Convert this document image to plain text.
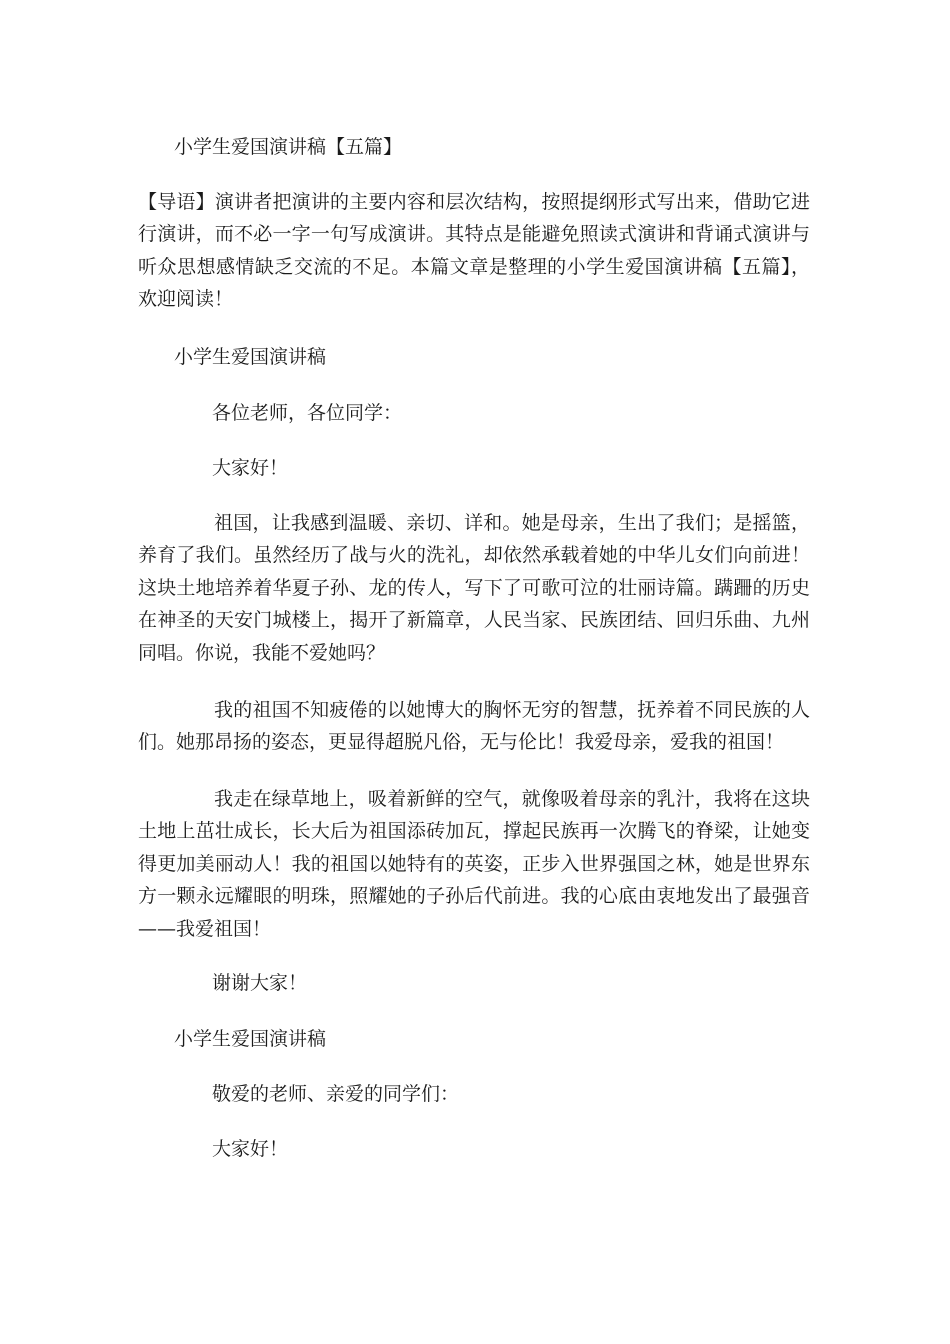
小学生爱国演讲稿【五篇】

【导语】演讲者把演讲的主要内容和层次结构，按照提纲形式写出来，借助它进行演讲，而不必一字一句写成演讲。其特点是能避免照读式演讲和背诵式演讲与听众思想感情缺乏交流的不足。本篇文章是整理的小学生爱国演讲稿【五篇】，欢迎阅读！

小学生爱国演讲稿

各位老师，各位同学：

大家好！

祖国，让我感到温暖、亲切、详和。她是母亲，生出了我们；是摇篮，养育了我们。虽然经历了战与火的洗礼，却依然承载着她的中华儿女们向前进！这块土地培养着华夏子孙、龙的传人，写下了可歌可泣的壮丽诗篇。蹒跚的历史在神圣的天安门城楼上，揭开了新篇章，人民当家、民族团结、回归乐曲、九州同唱。你说，我能不爱她吗？

我的祖国不知疲倦的以她博大的胸怀无穷的智慧，抚养着不同民族的人们。她那昂扬的姿态，更显得超脱凡俗，无与伦比！我爱母亲，爱我的祖国！

我走在绿草地上，吸着新鲜的空气，就像吸着母亲的乳汁，我将在这块土地上茁壮成长，长大后为祖国添砖加瓦，撑起民族再一次腾飞的脊梁，让她变得更加美丽动人！我的祖国以她特有的英姿，正步入世界强国之林，她是世界东方一颗永远耀眼的明珠，照耀她的子孙后代前进。我的心底由衷地发出了最强音——我爱祖国！

谢谢大家！

小学生爱国演讲稿

敬爱的老师、亲爱的同学们：

大家好！
